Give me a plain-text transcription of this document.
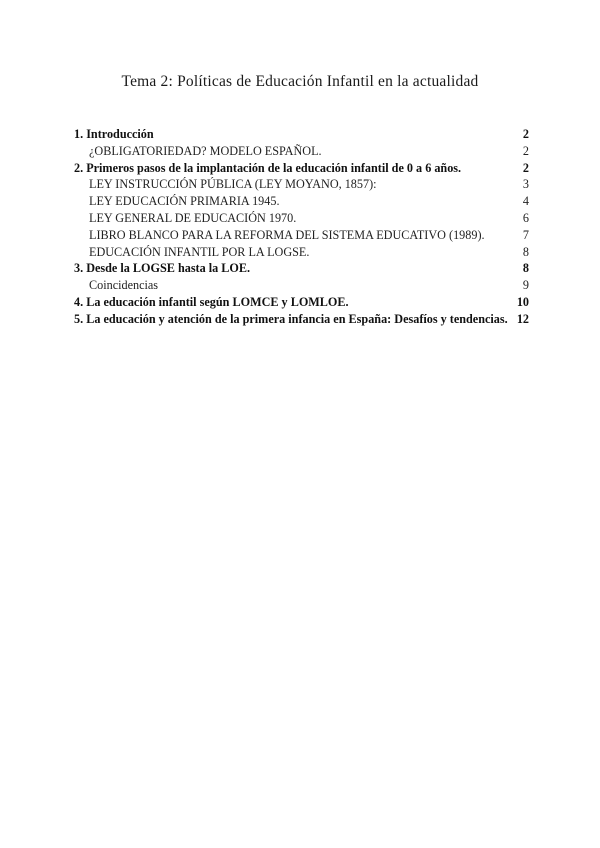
Tema 2: Políticas de Educación Infantil en la actualidad
1. Introducción	2
¿OBLIGATORIEDAD? MODELO ESPAÑOL.	2
2. Primeros pasos de la implantación de la educación infantil de 0 a 6 años.	2
LEY INSTRUCCIÓN PÚBLICA (LEY MOYANO, 1857):	3
LEY EDUCACIÓN PRIMARIA 1945.	4
LEY GENERAL DE EDUCACIÓN 1970.	6
LIBRO BLANCO PARA LA REFORMA DEL SISTEMA EDUCATIVO (1989).	7
EDUCACIÓN INFANTIL POR LA LOGSE.	8
3. Desde la LOGSE hasta la LOE.	8
Coincidencias	9
4. La educación infantil según LOMCE y LOMLOE.	10
5. La educación y atención de la primera infancia en España: Desafíos y tendencias. 12
